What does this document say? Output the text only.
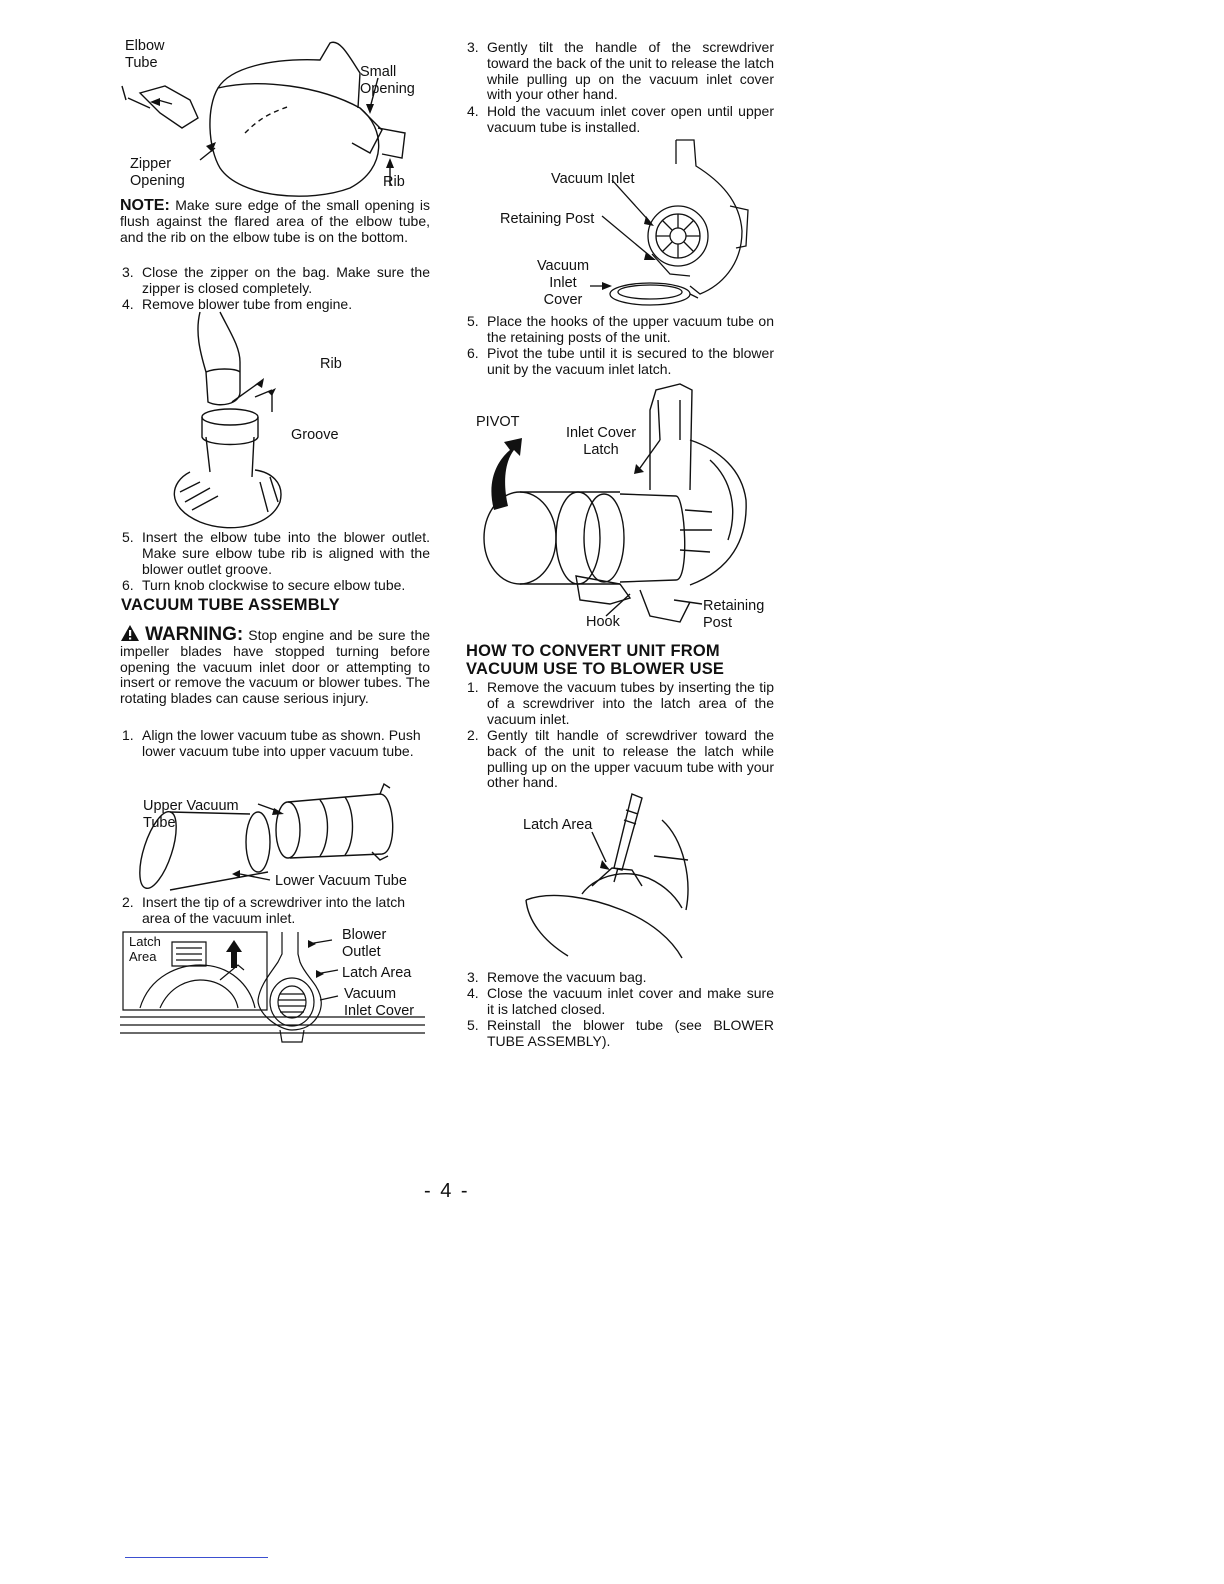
Elbow
Tube
Small
Opening
Zipper
Opening	Rib
NOTE: Make sure edge of the small opening is flush against the flared area of the elbow tube, and the rib on the elbow tube is on the bottom.
3. Close the zipper on the bag. Make sure the zipper is closed completely.
4. Remove blower tube from engine.
Rib
Groove
5. Insert the elbow tube into the blower outlet. Make sure elbow tube rib is aligned with the blower outlet groove.
6. Turn knob clockwise to secure elbow tube.
VACUUM TUBE ASSEMBLY
WARNING: Stop engine and be sure the impeller blades have stopped turning before opening the vacuum inlet door or attempting to insert or remove the vacuum or blower tubes. The rotating blades can cause serious injury.
1. Align the lower vacuum tube as shown. Push lower vacuum tube into upper vacuum tube.
Upper Vacuum
Tube
Lower Vacuum Tube
2. Insert the tip of a screwdriver into the latch area of the vacuum inlet.
Latch
Area
Blower
Outlet
Latch Area
Vacuum
Inlet Cover
3. Gently tilt the handle of the screwdriver toward the back of the unit to release the latch while pulling up on the vacuum inlet cover with your other hand.
4. Hold the vacuum inlet cover open until upper vacuum tube is installed.
Vacuum Inlet
Retaining Post
Vacuum
Inlet
Cover
5. Place the hooks of the upper vacuum tube on the retaining posts of the unit.
6. Pivot the tube until it is secured to the blower unit by the vacuum inlet latch.
PIVOT
Inlet Cover
Latch
Hook
Retaining
Post
HOW TO CONVERT UNIT FROM
VACUUM USE TO BLOWER USE
1. Remove the vacuum tubes by inserting the tip of a screwdriver into the latch area of the vacuum inlet.
2. Gently tilt handle of screwdriver toward the back of the unit to release the latch while pulling up on the upper vacuum tube with your other hand.
Latch Area
3. Remove the vacuum bag.
4. Close the vacuum inlet cover and make sure it is latched closed.
5. Reinstall the blower tube (see BLOWER TUBE ASSEMBLY).
- 4 -
